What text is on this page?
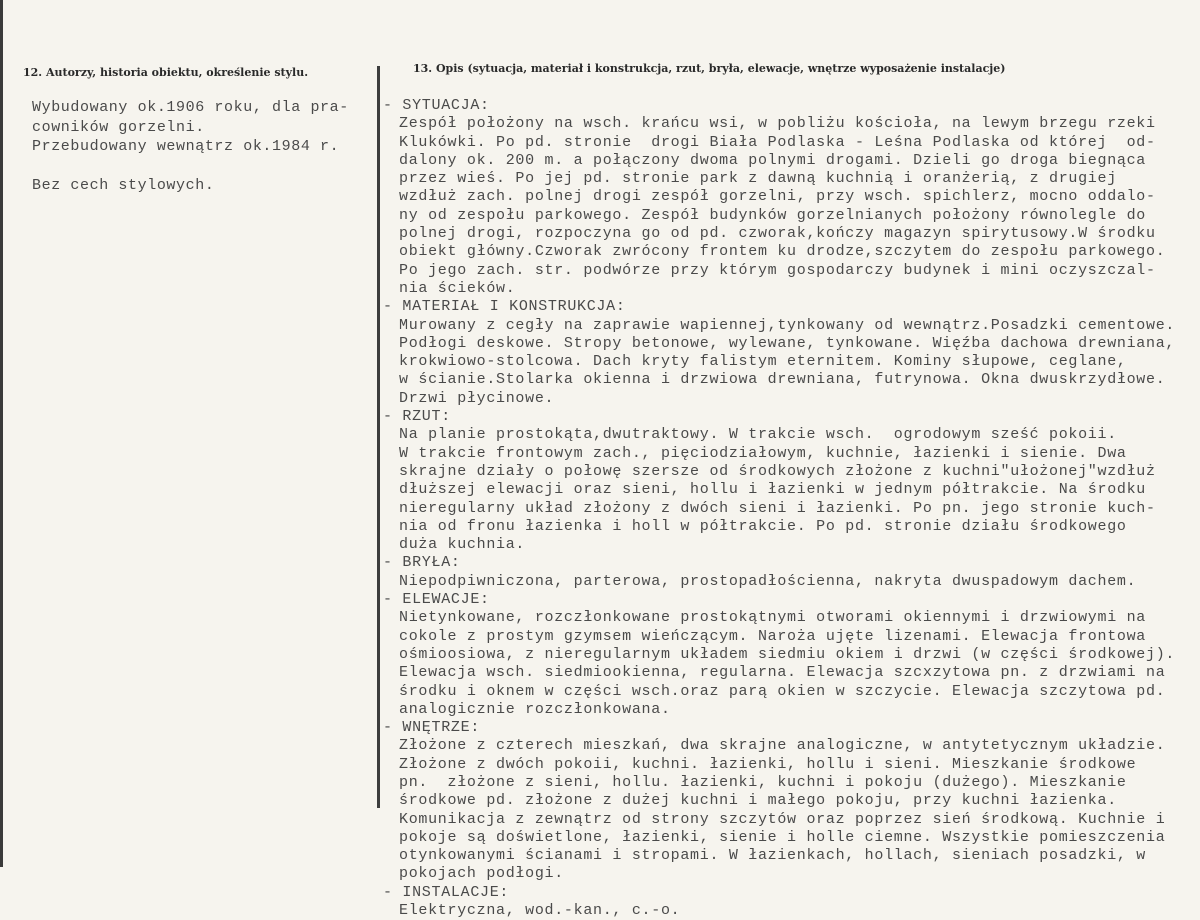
12. Autorzy, historia obiektu, określenie stylu.	13. Opis (sytuacja, materiał i konstrukcja, rzut, bryła, elewacje, wnętrze wyposażenie instalacje)
Wybudowany ok.1906 roku, dla pra-
cowników gorzelni.
Przebudowany wewnątrz ok.1984 r.
Bez cech stylowych.
- SYTUACJA:
Zespół położony na wsch. krańcu wsi, w pobliżu kościoła, na lewym brzegu rzeki
Klukówki. Po pd. stronie  drogi Biała Podlaska - Leśna Podlaska od której  od-
dalony ok. 200 m. a połączony dwoma polnymi drogami. Dzieli go droga biegnąca
przez wieś. Po jej pd. stronie park z dawną kuchnią i oranżerią, z drugiej
wzdłuż zach. polnej drogi zespół gorzelni, przy wsch. spichlerz, mocno oddalo-
ny od zespołu parkowego. Zespół budynków gorzelnianych położony równolegle do
polnej drogi, rozpoczyna go od pd. czworak,kończy magazyn spirytusowy.W środku
obiekt główny.Czworak zwrócony frontem ku drodze,szczytem do zespołu parkowego.
Po jego zach. str. podwórze przy którym gospodarczy budynek i mini oczyszczal-
nia ścieków.
- MATERIAŁ I KONSTRUKCJA:
Murowany z cegły na zaprawie wapiennej,tynkowany od wewnątrz.Posadzki cementowe.
Podłogi deskowe. Stropy betonowe, wylewane, tynkowane. Więźba dachowa drewniana,
krokwiowo-stolcowa. Dach kryty falistym eternitem. Kominy słupowe, ceglane,
w ścianie.Stolarka okienna i drzwiowa drewniana, futrynowa. Okna dwuskrzydłowe.
Drzwi płycinowe.
- RZUT:
Na planie prostokąta,dwutraktowy. W trakcie wsch.  ogrodowym sześć pokoii.
W trakcie frontowym zach., pięciodziałowym, kuchnie, łazienki i sienie. Dwa
skrajne działy o połowę szersze od środkowych złożone z kuchni"ułożonej"wzdłuż
dłuższej elewacji oraz sieni, hollu i łazienki w jednym półtrakcie. Na środku
nieregularny układ złożony z dwóch sieni i łazienki. Po pn. jego stronie kuch-
nia od fronu łazienka i holl w półtrakcie. Po pd. stronie działu środkowego
duża kuchnia.
- BRYŁA:
Niepodpiwniczona, parterowa, prostopadłościenna, nakryta dwuspadowym dachem.
- ELEWACJE:
Nietynkowane, rozczłonkowane prostokątnymi otworami okiennymi i drzwiowymi na
cokole z prostym gzymsem wieńczącym. Naroża ujęte lizenami. Elewacja frontowa
ośmioosiowa, z nieregularnym układem siedmiu okiem i drzwi (w części środkowej).
Elewacja wsch. siedmiookienna, regularna. Elewacja szcxzytowa pn. z drzwiami na
środku i oknem w części wsch.oraz parą okien w szczycie. Elewacja szczytowa pd.
analogicznie rozczłonkowana.
- WNĘTRZE:
Złożone z czterech mieszkań, dwa skrajne analogiczne, w antytetycznym układzie.
Złożone z dwóch pokoii, kuchni. łazienki, hollu i sieni. Mieszkanie środkowe
pn.  złożone z sieni, hollu. łazienki, kuchni i pokoju (dużego). Mieszkanie
środkowe pd. złożone z dużej kuchni i małego pokoju, przy kuchni łazienka.
Komunikacja z zewnątrz od strony szczytów oraz poprzez sień środkową. Kuchnie i
pokoje są doświetlone, łazienki, sienie i holle ciemne. Wszystkie pomieszczenia
otynkowanymi ścianami i stropami. W łazienkach, hollach, sieniach posadzki, w
pokojach podłogi.
- INSTALACJE:
Elektryczna, wod.-kan., c.-o.
